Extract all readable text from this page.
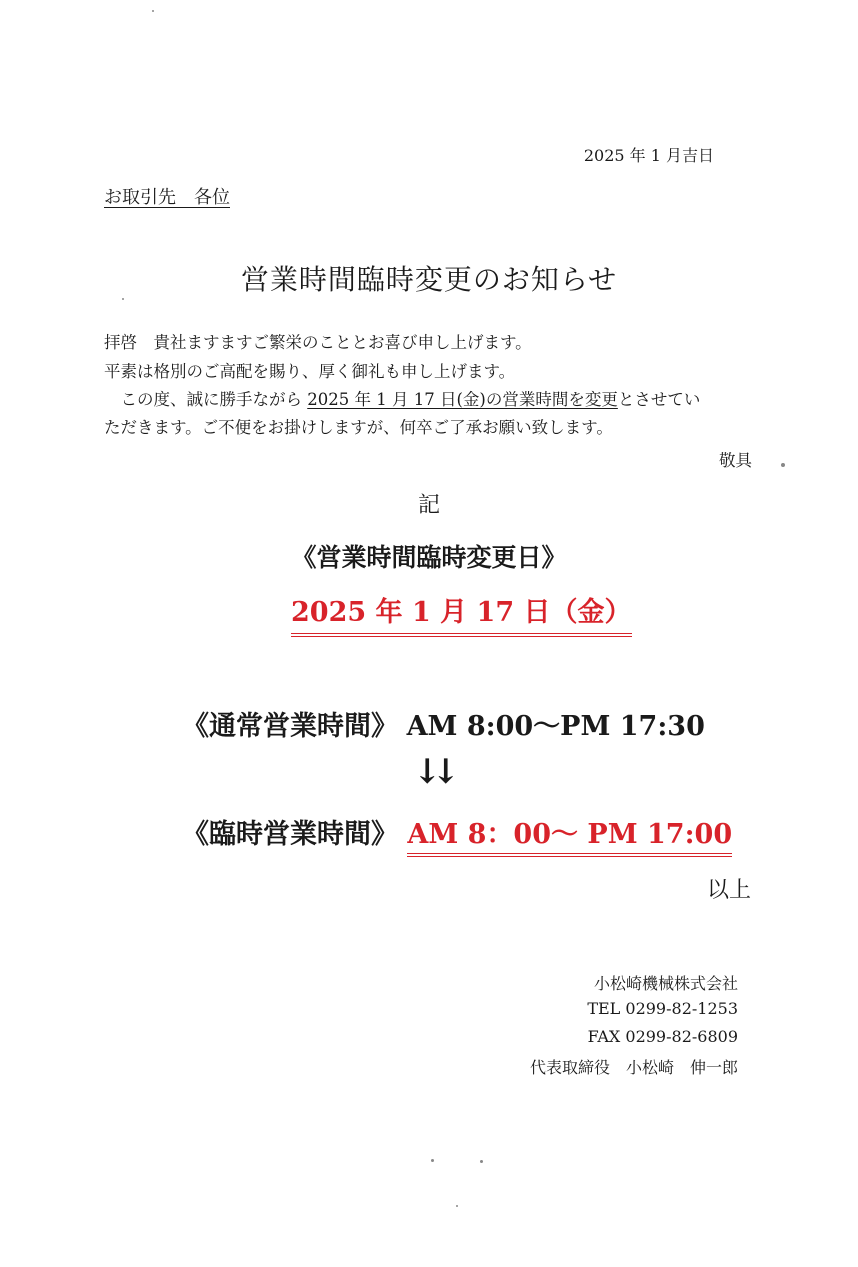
2025 年 1 月吉日
お取引先　各位
営業時間臨時変更のお知らせ
拝啓　貴社ますますご繁栄のこととお喜び申し上げます。
平素は格別のご高配を賜り、厚く御礼も申し上げます。
　この度、誠に勝手ながら 2025 年 1 月 17 日(金)の営業時間を変更とさせてい
ただきます。ご不便をお掛けしますが、何卒ご了承お願い致します。
敬具
記
《営業時間臨時変更日》
2025 年 1 月 17 日（金）
《通常営業時間》 AM 8:00～PM 17:30
↓↓
《臨時営業時間》 AM 8：00～ PM 17:00
以上
小松崎機械株式会社
TEL 0299-82-1253
FAX 0299-82-6809
代表取締役　小松崎　伸一郎
